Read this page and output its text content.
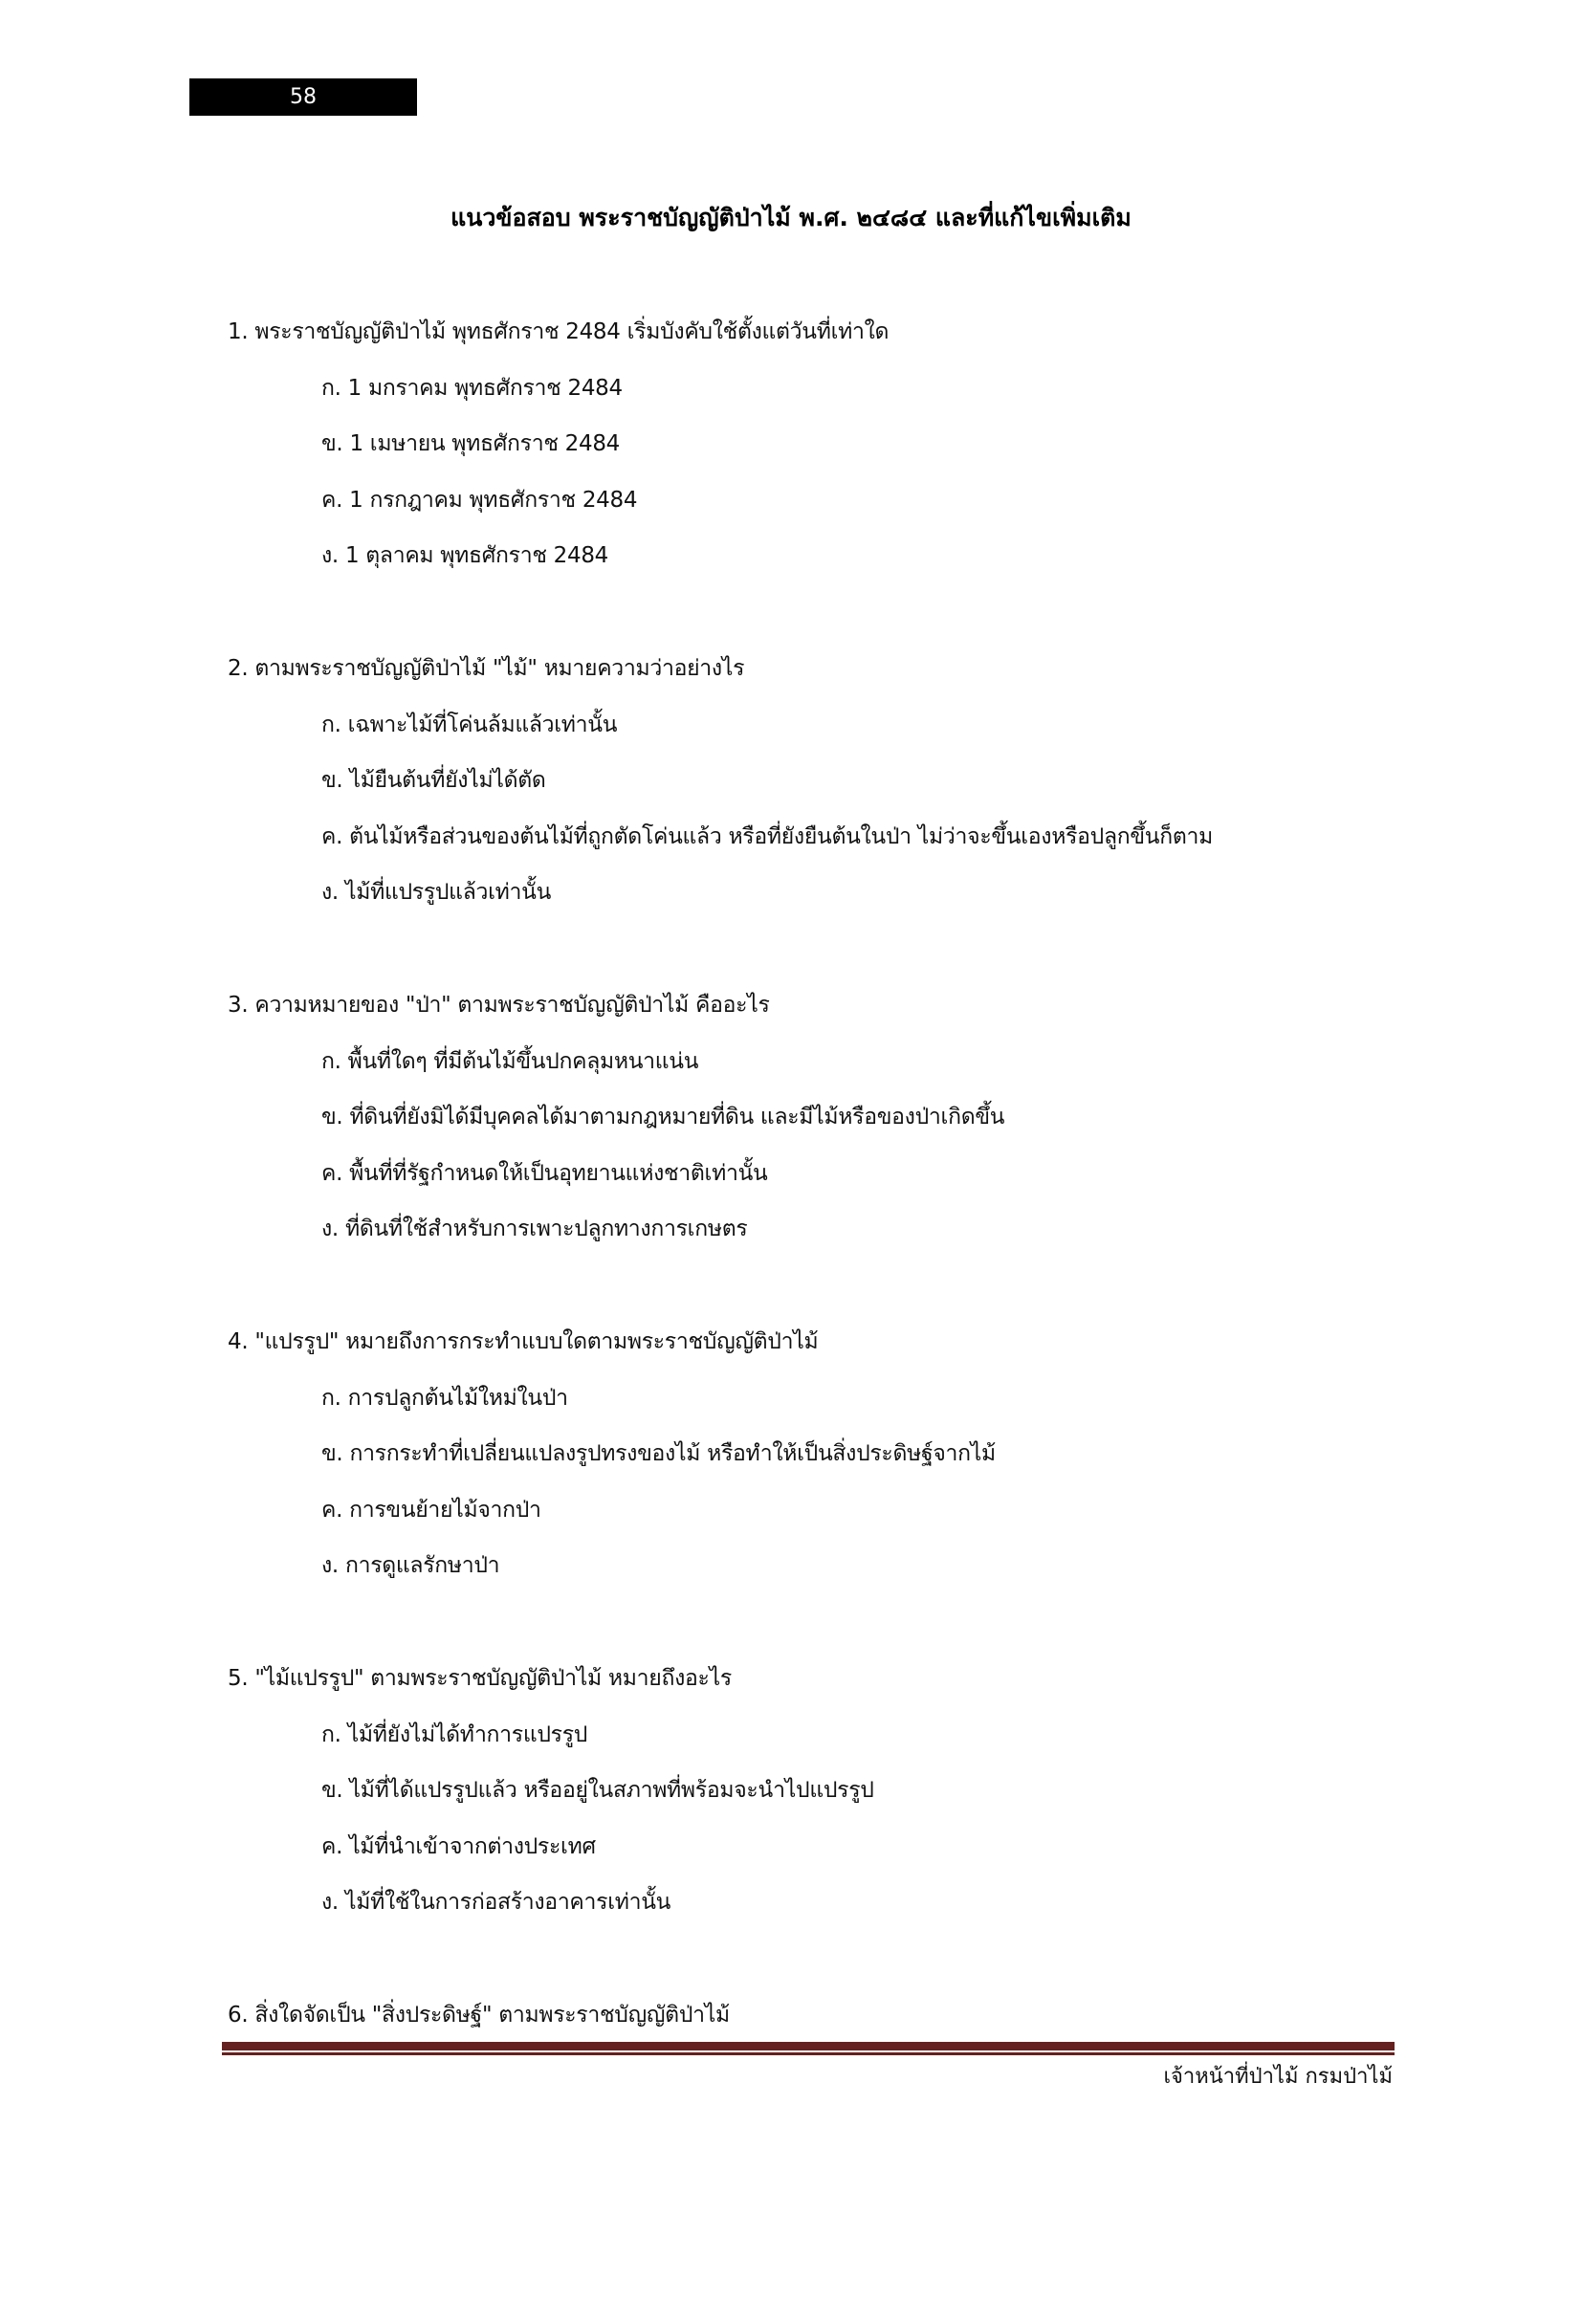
58
แนวข้อสอบ พระราชบัญญัติป่าไม้ พ.ศ. ๒๔๘๔ และที่แก้ไขเพิ่มเติม
1. พระราชบัญญัติป่าไม้ พุทธศักราช 2484 เริ่มบังคับใช้ตั้งแต่วันที่เท่าใด
ก. 1 มกราคม พุทธศักราช 2484
ข. 1 เมษายน พุทธศักราช 2484
ค. 1 กรกฎาคม พุทธศักราช 2484
ง. 1 ตุลาคม พุทธศักราช 2484
2. ตามพระราชบัญญัติป่าไม้ "ไม้" หมายความว่าอย่างไร
ก. เฉพาะไม้ที่โค่นล้มแล้วเท่านั้น
ข. ไม้ยืนต้นที่ยังไม่ได้ตัด
ค. ต้นไม้หรือส่วนของต้นไม้ที่ถูกตัดโค่นแล้ว หรือที่ยังยืนต้นในป่า ไม่ว่าจะขึ้นเองหรือปลูกขึ้นก็ตาม
ง. ไม้ที่แปรรูปแล้วเท่านั้น
3. ความหมายของ "ป่า" ตามพระราชบัญญัติป่าไม้ คืออะไร
ก. พื้นที่ใดๆ ที่มีต้นไม้ขึ้นปกคลุมหนาแน่น
ข. ที่ดินที่ยังมิได้มีบุคคลได้มาตามกฎหมายที่ดิน และมีไม้หรือของป่าเกิดขึ้น
ค. พื้นที่ที่รัฐกำหนดให้เป็นอุทยานแห่งชาติเท่านั้น
ง. ที่ดินที่ใช้สำหรับการเพาะปลูกทางการเกษตร
4. "แปรรูป" หมายถึงการกระทำแบบใดตามพระราชบัญญัติป่าไม้
ก. การปลูกต้นไม้ใหม่ในป่า
ข. การกระทำที่เปลี่ยนแปลงรูปทรงของไม้ หรือทำให้เป็นสิ่งประดิษฐ์จากไม้
ค. การขนย้ายไม้จากป่า
ง. การดูแลรักษาป่า
5. "ไม้แปรรูป" ตามพระราชบัญญัติป่าไม้ หมายถึงอะไร
ก. ไม้ที่ยังไม่ได้ทำการแปรรูป
ข. ไม้ที่ได้แปรรูปแล้ว หรืออยู่ในสภาพที่พร้อมจะนำไปแปรรูป
ค. ไม้ที่นำเข้าจากต่างประเทศ
ง. ไม้ที่ใช้ในการก่อสร้างอาคารเท่านั้น
6. สิ่งใดจัดเป็น "สิ่งประดิษฐ์" ตามพระราชบัญญัติป่าไม้
เจ้าหน้าที่ป่าไม้ กรมป่าไม้
